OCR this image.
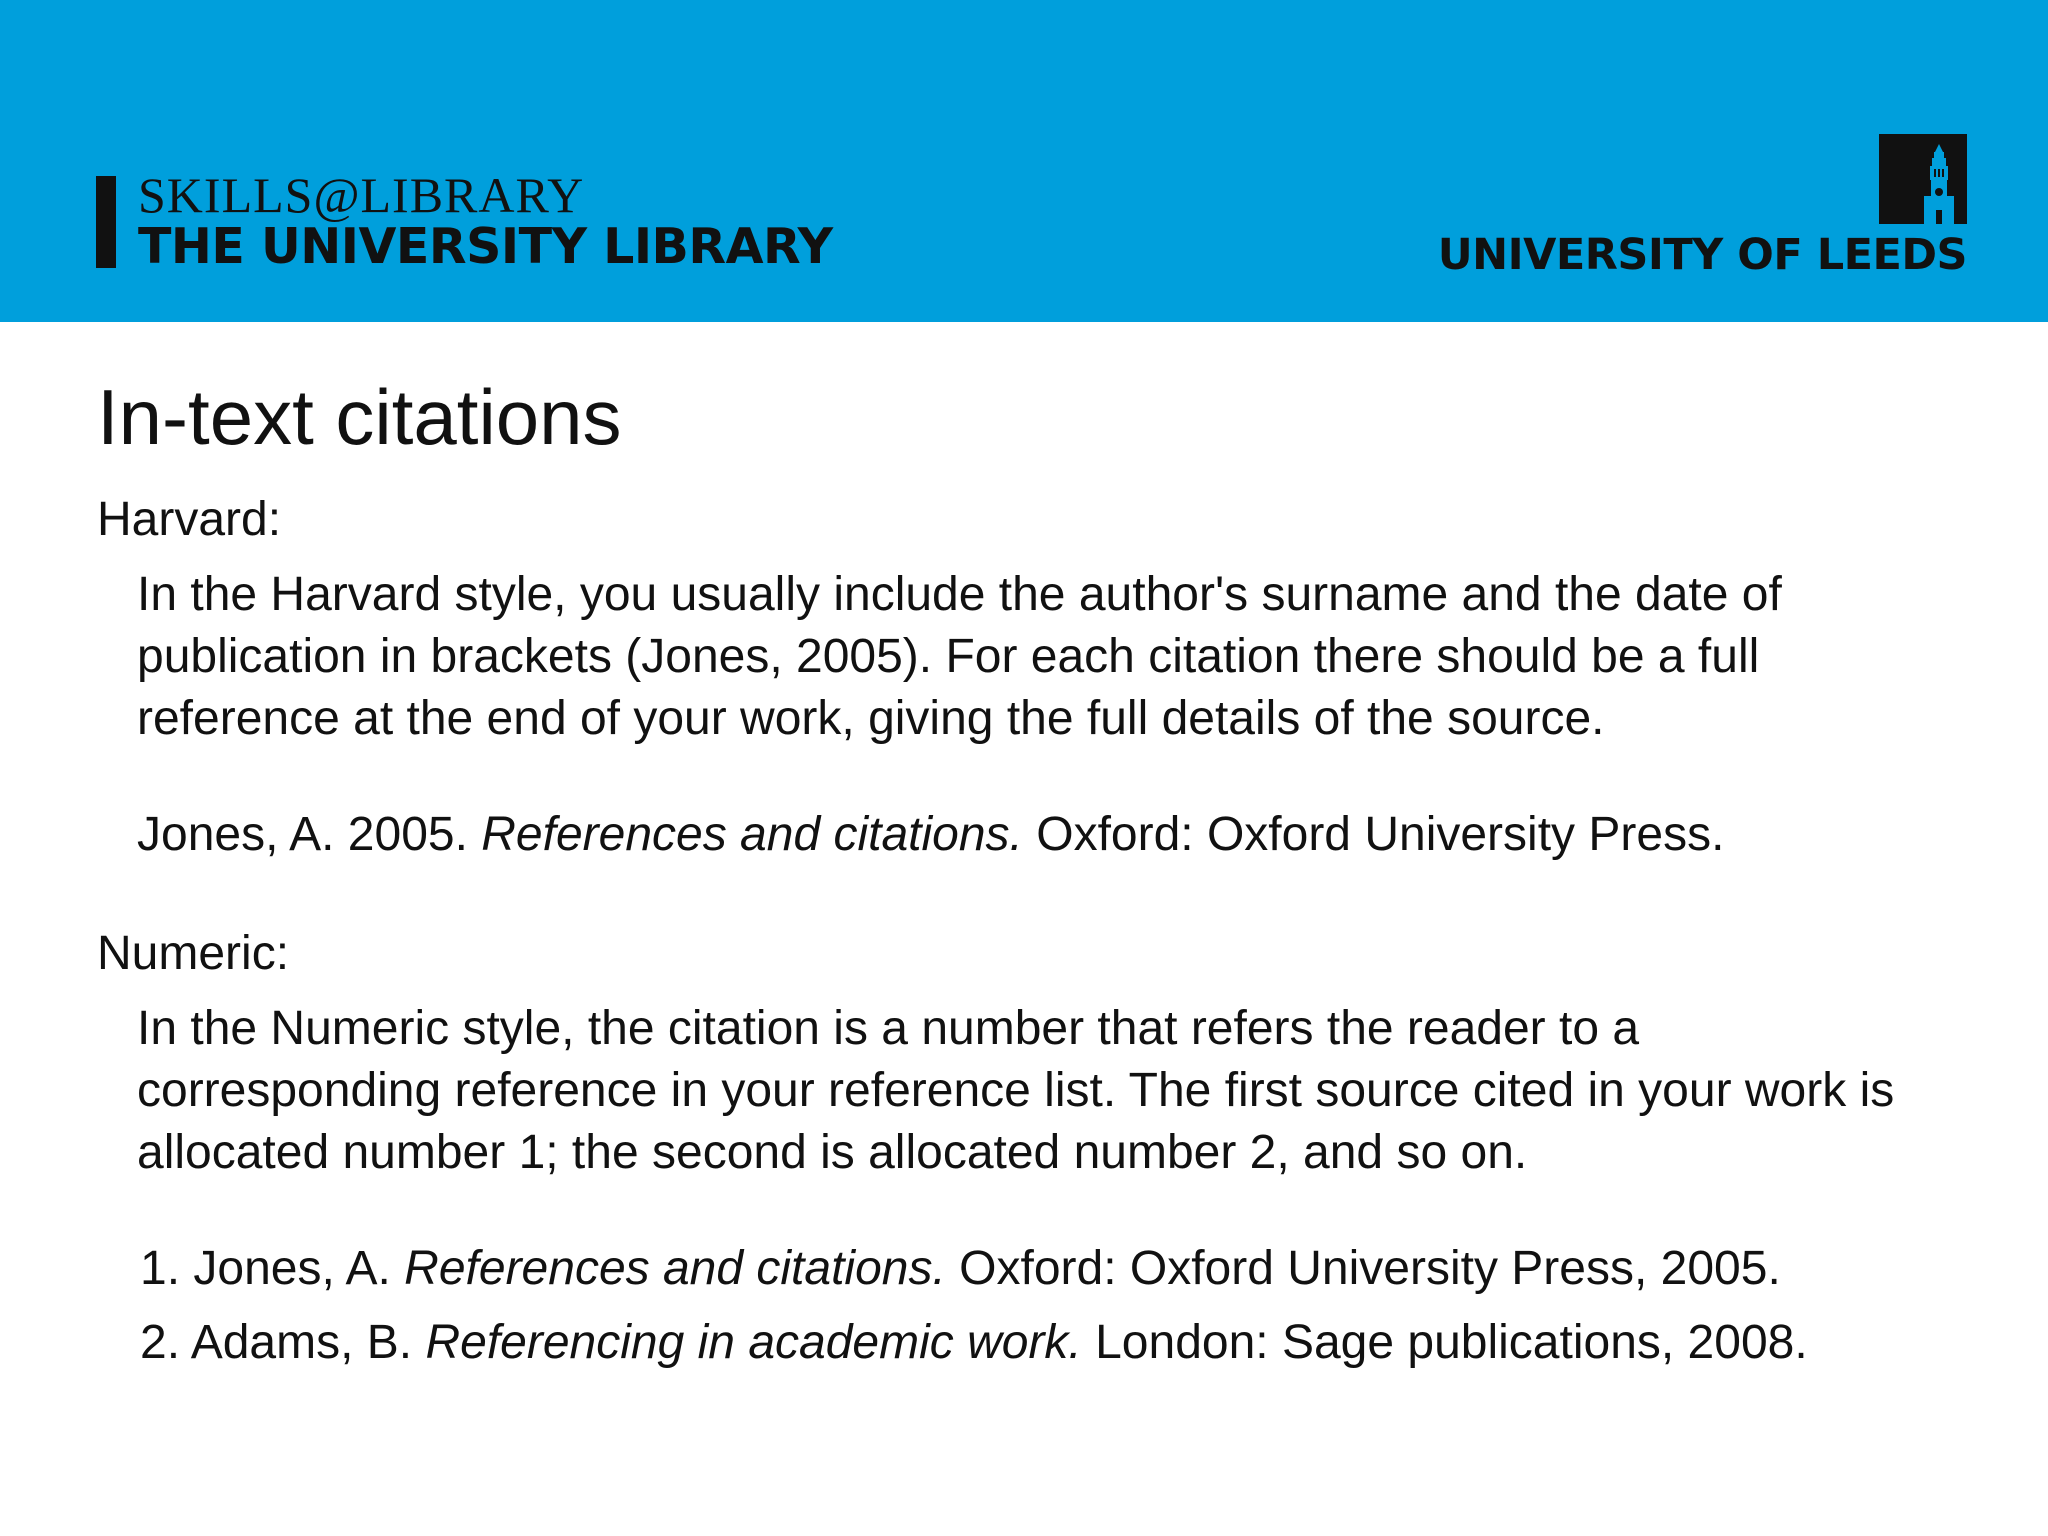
SKILLS@LIBRARY
THE UNIVERSITY LIBRARY	UNIVERSITY OF LEEDS
In-text citations
Harvard:
In the Harvard style, you usually include the author's surname and the date of
publication in brackets (Jones, 2005). For each citation there should be a full
reference at the end of your work, giving the full details of the source.
Jones, A. 2005. References and citations. Oxford: Oxford University Press.
Numeric:
In the Numeric style, the citation is a number that refers the reader to a
corresponding reference in your reference list. The first source cited in your work is
allocated number 1; the second is allocated number 2, and so on.
1. Jones, A. References and citations. Oxford: Oxford University Press, 2005.
2. Adams, B. Referencing in academic work. London: Sage publications, 2008.
